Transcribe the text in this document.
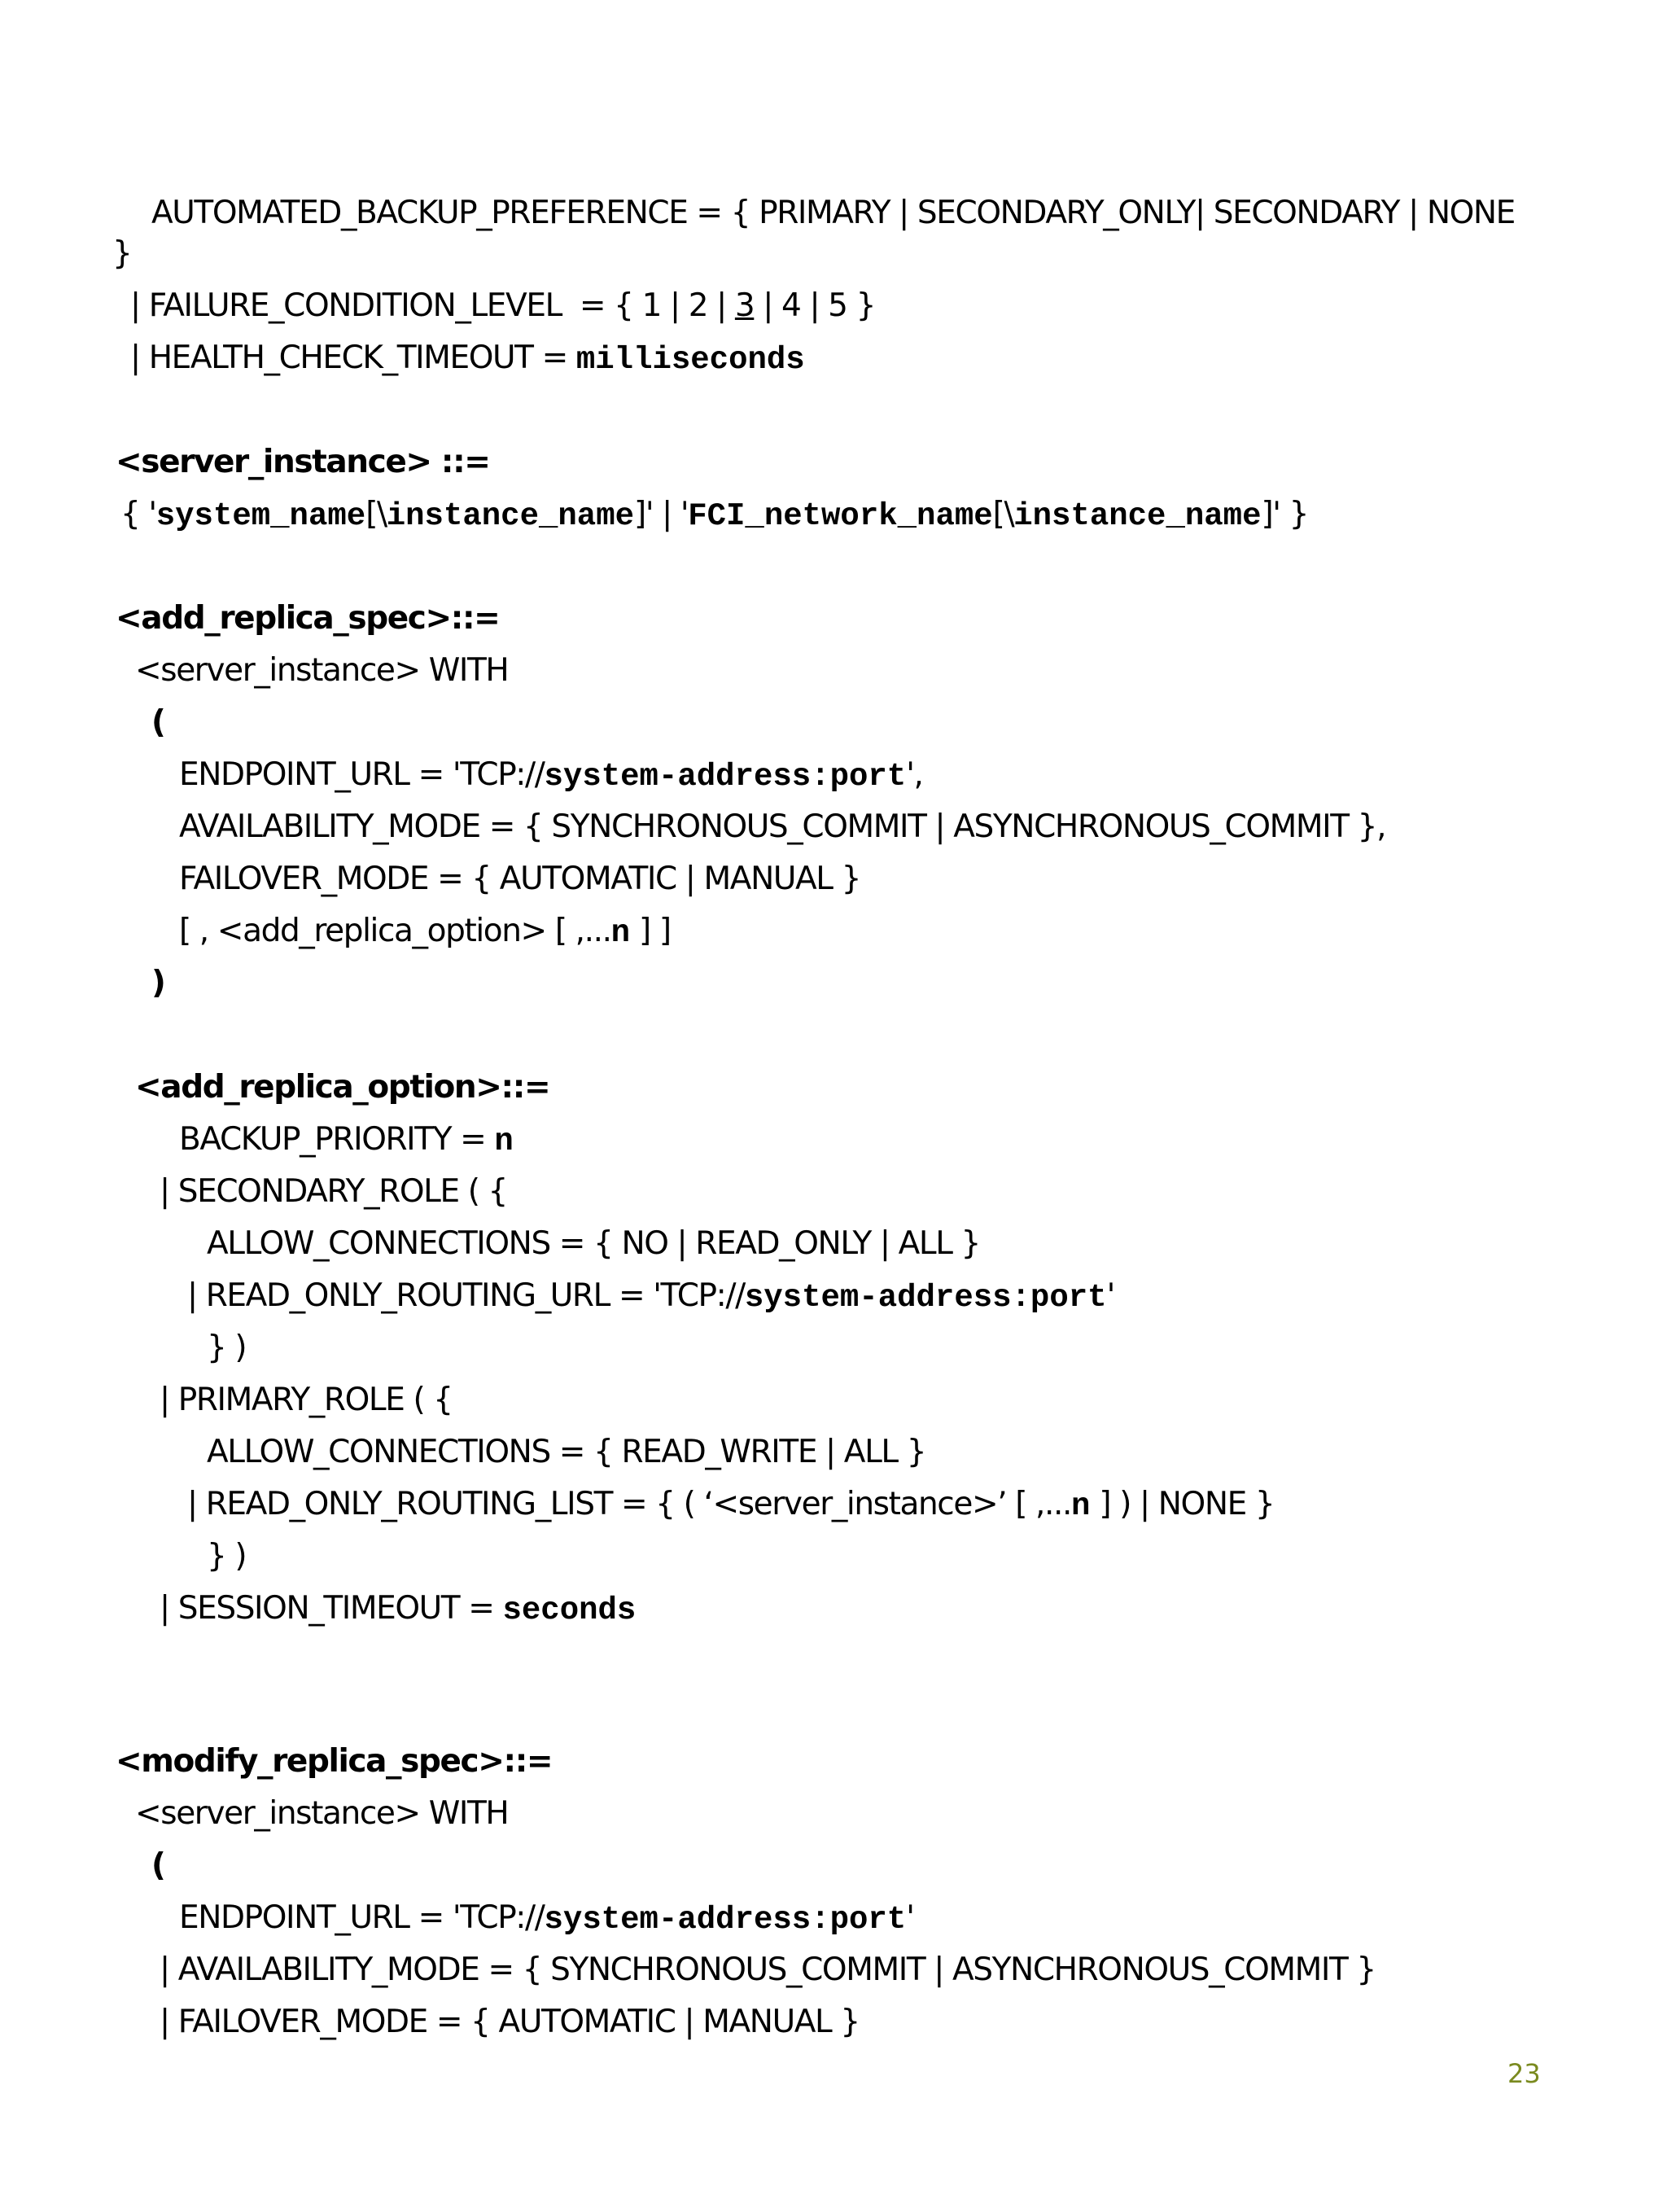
AUTOMATED_BACKUP_PREFERENCE = { PRIMARY | SECONDARY_ONLY| SECONDARY | NONE
}
| FAILURE_CONDITION_LEVEL  = { 1 | 2 | 3 | 4 | 5 }
| HEALTH_CHECK_TIMEOUT = milliseconds
<server_instance> ::=
{ 'system_name[\instance_name]' | 'FCI_network_name[\instance_name]' }
<add_replica_spec>::=
<server_instance> WITH
(
ENDPOINT_URL = 'TCP://system-address:port',
AVAILABILITY_MODE = { SYNCHRONOUS_COMMIT | ASYNCHRONOUS_COMMIT },
FAILOVER_MODE = { AUTOMATIC | MANUAL }
[ , <add_replica_option> [ ,...n ] ]
)
<add_replica_option>::=
BACKUP_PRIORITY = n
| SECONDARY_ROLE ( {
ALLOW_CONNECTIONS = { NO | READ_ONLY | ALL }
| READ_ONLY_ROUTING_URL = 'TCP://system-address:port'
} )
| PRIMARY_ROLE ( {
ALLOW_CONNECTIONS = { READ_WRITE | ALL }
| READ_ONLY_ROUTING_LIST = { ( ‘<server_instance>’ [ ,...n ] ) | NONE }
} )
| SESSION_TIMEOUT = seconds
<modify_replica_spec>::=
<server_instance> WITH
(
ENDPOINT_URL = 'TCP://system-address:port'
| AVAILABILITY_MODE = { SYNCHRONOUS_COMMIT | ASYNCHRONOUS_COMMIT }
| FAILOVER_MODE = { AUTOMATIC | MANUAL }
23
